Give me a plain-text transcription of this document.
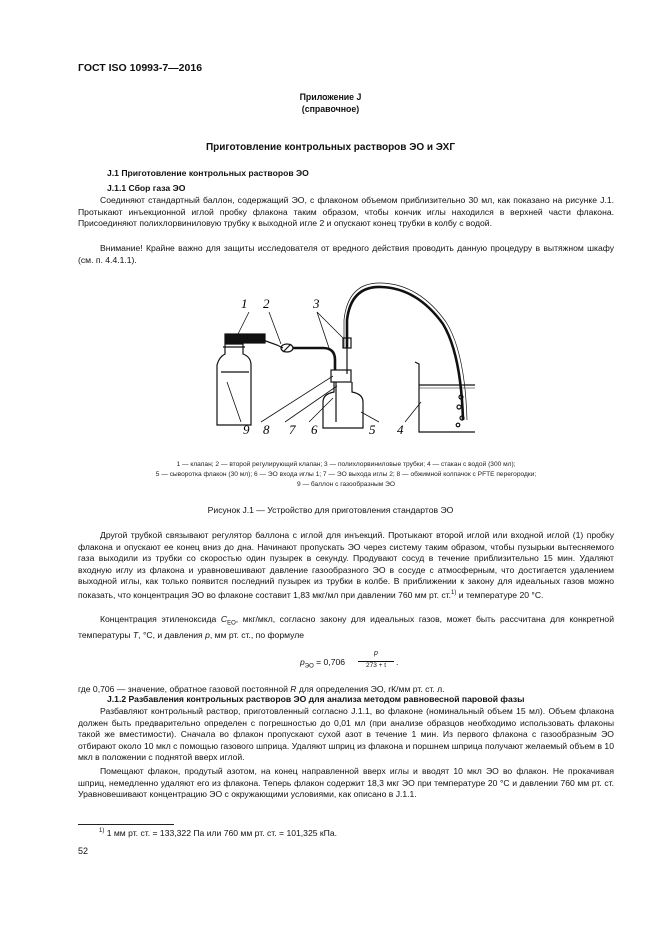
ГОСТ ISO 10993-7—2016
Приложение J
(справочное)
Приготовление контрольных растворов ЭО и ЭХГ
J.1 Приготовление контрольных растворов ЭО
J.1.1 Сбор газа ЭО
Соединяют стандартный баллон, содержащий ЭО, с флаконом объемом приблизительно 30 мл, как показано на рисунке J.1. Протыкают инъекционной иглой пробку флакона таким образом, чтобы кончик иглы находился в верхней части флакона. Присоединяют полихлорвиниловую трубку к выходной игле 2 и опускают конец трубки в колбу с водой.
Внимание! Крайне важно для защиты исследователя от вредного действия проводить данную процедуру в вытяжном шкафу (см. п. 4.4.1.1).
1 2	3
9 8 7 6	5 4
1 — клапан; 2 — второй регулирующий клапан; 3 — полихлорвиниловые трубки; 4 — стакан с водой (300 мл);
5 — сыворотка флакон (30 мл); 6 — ЭО входа иглы 1; 7 — ЭО выхода иглы 2; 8 — обжимной колпачок с PFTE перегородки;
9 — баллон с газообразным ЭО
Рисунок J.1 — Устройство для приготовления стандартов ЭО
Другой трубкой связывают регулятор баллона с иглой для инъекций. Протыкают второй иглой или входной иглой (1) пробку флакона и опускают ее конец вниз до дна. Начинают пропускать ЭО через систему таким образом, чтобы пузырьки вытесняемого газа выходили из трубки со скоростью один пузырек в секунду. Продувают сосуд в течение приблизительно 15 мин. Удаляют входную иглу из флакона и уравновешивают давление газообразного ЭО в сосуде с атмосферным, что достигается удалением выходной иглы, как только появится последний пузырек из трубки в колбе. В приближении к закону для идеальных газов можно показать, что концентрация ЭО во флаконе составит 1,83 мкг/мл при давлении 760 мм рт. ст.$^{1)}$ и температуре 20 °С.
Концентрация этиленоксида $C_{EO}$, мкг/мкл, согласно закону для идеальных газов, может быть рассчитана для конкретной температуры T, °С, и давления p, мм рт. ст., по формуле
$p_{ЭО} = 0,706$
p
273 + t	.
где 0,706 — значение, обратное газовой постоянной R для определения ЭО, rК/мм рт. ст. л.
J.1.2 Разбавления контрольных растворов ЭО для анализа методом равновесной паровой фазы
Разбавляют контрольный раствор, приготовленный согласно J.1.1, во флаконе (номинальный объем 15 мл). Объем флакона должен быть предварительно определен с погрешностью до 0,01 мл (при анализе образцов необходимо использовать флаконы такой же вместимости). Сначала во флакон пропускают сухой азот в течение 1 мин. Из первого флакона с газообразным ЭО отбирают около 10 мкл с помощью газового шприца. Удаляют шприц из флакона и поршнем шприца получают желаемый объем в 10 мкл в положении с поднятой вверх иглой.
Помещают флакон, продутый азотом, на конец направленной вверх иглы и вводят 10 мкл ЭО во флакон. Не прокачивая шприц, немедленно удаляют его из флакона. Теперь флакон содержит 18,3 мкг ЭО при температуре 20 °С и давлении 760 мм рт. ст. Уравновешивают концентрацию ЭО с окружающими условиями, как описано в J.1.1.
$^{1)}$ 1 мм рт. ст. = 133,322 Па или 760 мм рт. ст. = 101,325 кПа.
52
